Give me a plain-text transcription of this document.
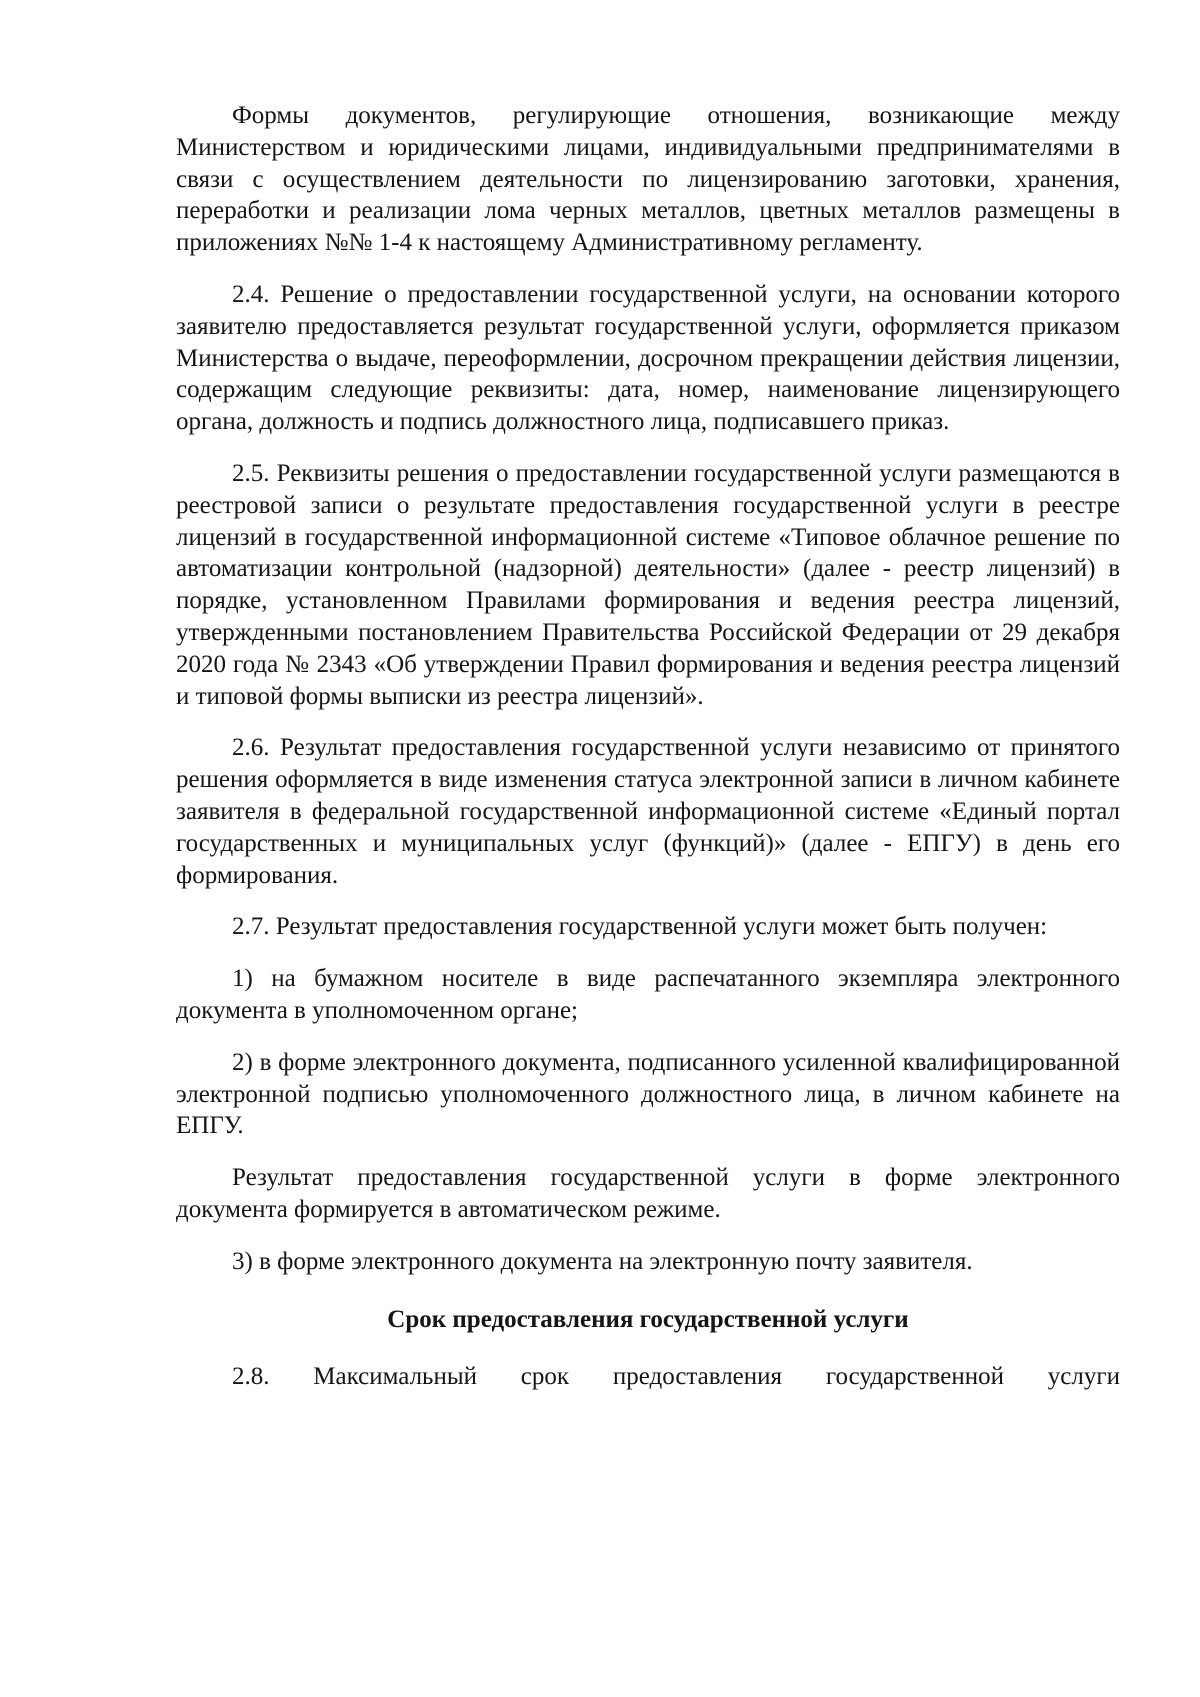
Формы документов, регулирующие отношения, возникающие между Министерством и юридическими лицами, индивидуальными предпринимателями в связи с осуществлением деятельности по лицензированию заготовки, хранения, переработки и реализации лома черных металлов, цветных металлов размещены в приложениях №№ 1-4 к настоящему Административному регламенту.

2.4. Решение о предоставлении государственной услуги, на основании которого заявителю предоставляется результат государственной услуги, оформляется приказом Министерства о выдаче, переоформлении, досрочном прекращении действия лицензии, содержащим следующие реквизиты: дата, номер, наименование лицензирующего органа, должность и подпись должностного лица, подписавшего приказ.

2.5. Реквизиты решения о предоставлении государственной услуги размещаются в реестровой записи о результате предоставления государственной услуги в реестре лицензий в государственной информационной системе «Типовое облачное решение по автоматизации контрольной (надзорной) деятельности» (далее - реестр лицензий) в порядке, установленном Правилами формирования и ведения реестра лицензий, утвержденными постановлением Правительства Российской Федерации от 29 декабря 2020 года № 2343 «Об утверждении Правил формирования и ведения реестра лицензий и типовой формы выписки из реестра лицензий».

2.6. Результат предоставления государственной услуги независимо от принятого решения оформляется в виде изменения статуса электронной записи в личном кабинете заявителя в федеральной государственной информационной системе «Единый портал государственных и муниципальных услуг (функций)» (далее - ЕПГУ) в день его формирования.

2.7. Результат предоставления государственной услуги может быть получен:

1) на бумажном носителе в виде распечатанного экземпляра электронного документа в уполномоченном органе;

2) в форме электронного документа, подписанного усиленной квалифицированной электронной подписью уполномоченного должностного лица, в личном кабинете на ЕПГУ.

Результат предоставления государственной услуги в форме электронного документа формируется в автоматическом режиме.

3) в форме электронного документа на электронную почту заявителя.

Срок предоставления государственной услуги

2.8. Максимальный срок предоставления государственной услуги
